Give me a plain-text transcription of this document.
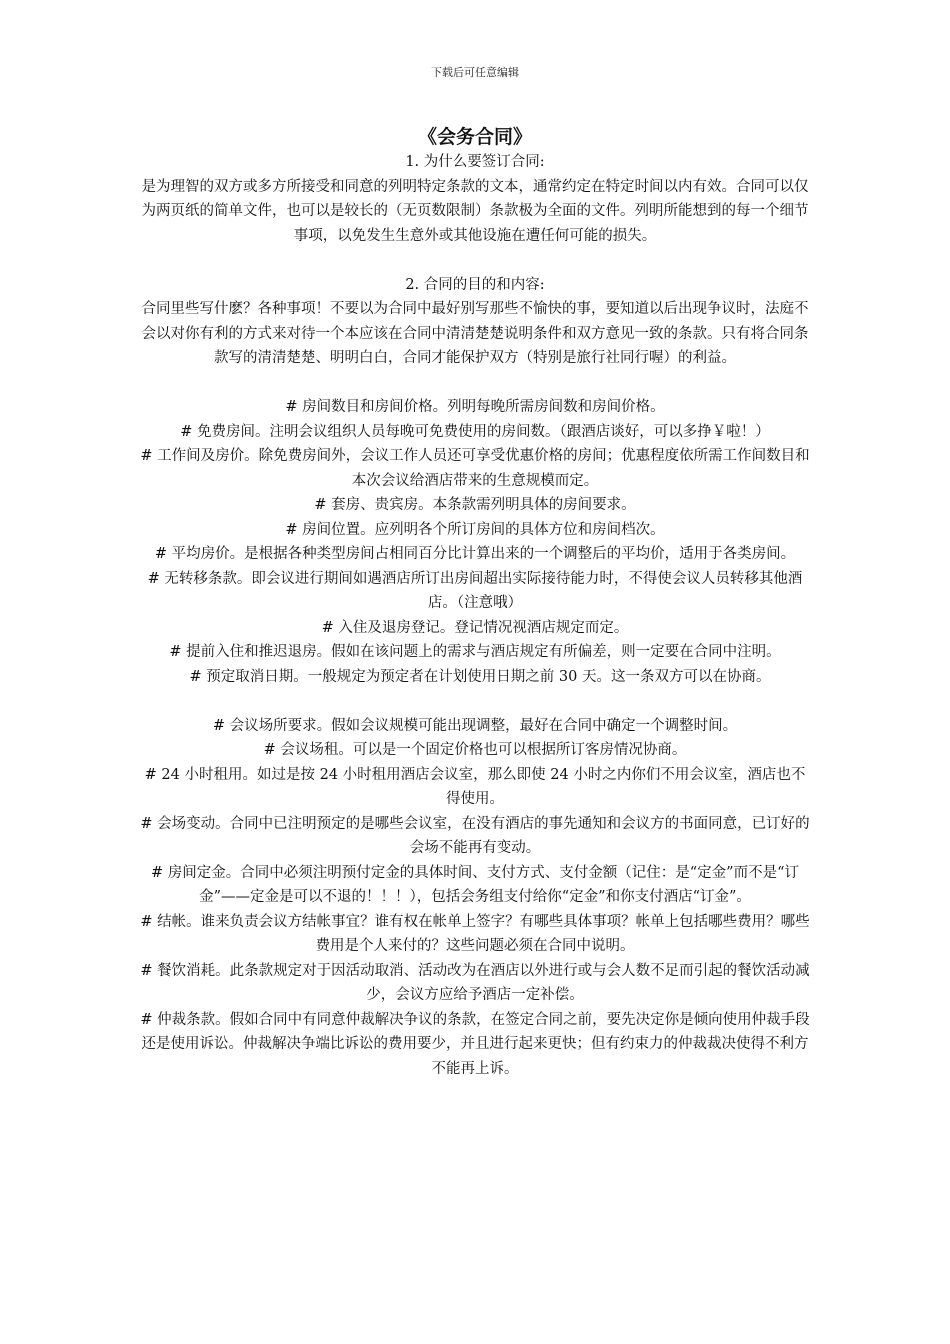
下载后可任意编辑
《会务合同》

1. 为什么要签订合同:

是为理智的双方或多方所接受和同意的列明特定条款的文本，通常约定在特定时间以内有效。合同可以仅为两页纸的简单文件，也可以是较长的（无页数限制）条款极为全面的文件。列明所能想到的每一个细节事项，以免发生生意外或其他设施在遭任何可能的损失。

2. 合同的目的和内容:

合同里些写什麽？各种事项！不要以为合同中最好别写那些不愉快的事，要知道以后出现争议时，法庭不会以对你有利的方式来对待一个本应该在合同中清清楚楚说明条件和双方意见一致的条款。只有将合同条款写的清清楚楚、明明白白，合同才能保护双方（特别是旅行社同行喔）的利益。

# 房间数目和房间价格。列明每晚所需房间数和房间价格。

# 免费房间。注明会议组织人员每晚可免费使用的房间数。（跟酒店谈好，可以多挣￥啦！）

# 工作间及房价。除免费房间外，会议工作人员还可享受优惠价格的房间；优惠程度依所需工作间数目和本次会议给酒店带来的生意规模而定。

# 套房、贵宾房。本条款需列明具体的房间要求。

# 房间位置。应列明各个所订房间的具体方位和房间档次。

# 平均房价。是根据各种类型房间占相同百分比计算出来的一个调整后的平均价，适用于各类房间。

# 无转移条款。即会议进行期间如遇酒店所订出房间超出实际接待能力时，不得使会议人员转移其他酒店。（注意哦）

# 入住及退房登记。登记情况视酒店规定而定。

# 提前入住和推迟退房。假如在该问题上的需求与酒店规定有所偏差，则一定要在合同中注明。

# 预定取消日期。一般规定为预定者在计划使用日期之前 30 天。这一条双方可以在协商。

# 会议场所要求。假如会议规模可能出现调整，最好在合同中确定一个调整时间。

# 会议场租。可以是一个固定价格也可以根据所订客房情况协商。

# 24 小时租用。如过是按 24 小时租用酒店会议室，那么即使 24 小时之内你们不用会议室，酒店也不得使用。

# 会场变动。合同中已注明预定的是哪些会议室，在没有酒店的事先通知和会议方的书面同意，已订好的会场不能再有变动。

# 房间定金。合同中必须注明预付定金的具体时间、支付方式、支付金额（记住：是“定金”而不是“订金”——定金是可以不退的！！！），包括会务组支付给你“定金”和你支付酒店“订金”。

# 结帐。谁来负责会议方结帐事宜？谁有权在帐单上签字？有哪些具体事项？帐单上包括哪些费用？哪些费用是个人来付的？这些问题必须在合同中说明。

# 餐饮消耗。此条款规定对于因活动取消、活动改为在酒店以外进行或与会人数不足而引起的餐饮活动减少，会议方应给予酒店一定补偿。

# 仲裁条款。假如合同中有同意仲裁解决争议的条款，在签定合同之前，要先决定你是倾向使用仲裁手段还是使用诉讼。仲裁解决争端比诉讼的费用要少，并且进行起来更快；但有约束力的仲裁裁决使得不利方不能再上诉。
